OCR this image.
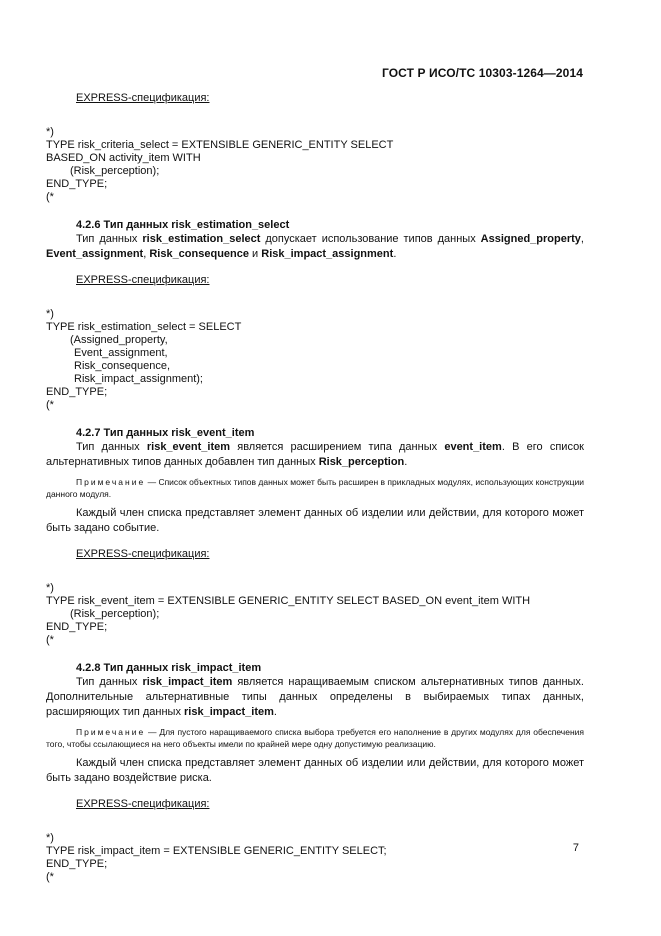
ГОСТ Р ИСО/ТС 10303-1264—2014
EXPRESS-спецификация:
*)
TYPE risk_criteria_select = EXTENSIBLE GENERIC_ENTITY SELECT
BASED_ON activity_item WITH
(Risk_perception);
END_TYPE;
(*
4.2.6 Тип данных risk_estimation_select
Тип данных risk_estimation_select допускает использование типов данных Assigned_property, Event_assignment, Risk_consequence и Risk_impact_assignment.
EXPRESS-спецификация:
*)
TYPE risk_estimation_select = SELECT
(Assigned_property,
Event_assignment,
Risk_consequence,
Risk_impact_assignment);
END_TYPE;
(*
4.2.7 Тип данных risk_event_item
Тип данных risk_event_item является расширением типа данных event_item. В его список альтернативных типов данных добавлен тип данных Risk_perception.
Примечание — Список объектных типов данных может быть расширен в прикладных модулях, использующих конструкции данного модуля.
Каждый член списка представляет элемент данных об изделии или действии, для которого может быть задано событие.
EXPRESS-спецификация:
*)
TYPE risk_event_item = EXTENSIBLE GENERIC_ENTITY SELECT BASED_ON event_item WITH
(Risk_perception);
END_TYPE;
(*
4.2.8 Тип данных risk_impact_item
Тип данных risk_impact_item является наращиваемым списком альтернативных типов данных. Дополнительные альтернативные типы данных определены в выбираемых типах данных, расширяющих тип данных risk_impact_item.
Примечание — Для пустого наращиваемого списка выбора требуется его наполнение в других модулях для обеспечения того, чтобы ссылающиеся на него объекты имели по крайней мере одну допустимую реализацию.
Каждый член списка представляет элемент данных об изделии или действии, для которого может быть задано воздействие риска.
EXPRESS-спецификация:
*)
TYPE risk_impact_item = EXTENSIBLE GENERIC_ENTITY SELECT;
END_TYPE;
(*
7
